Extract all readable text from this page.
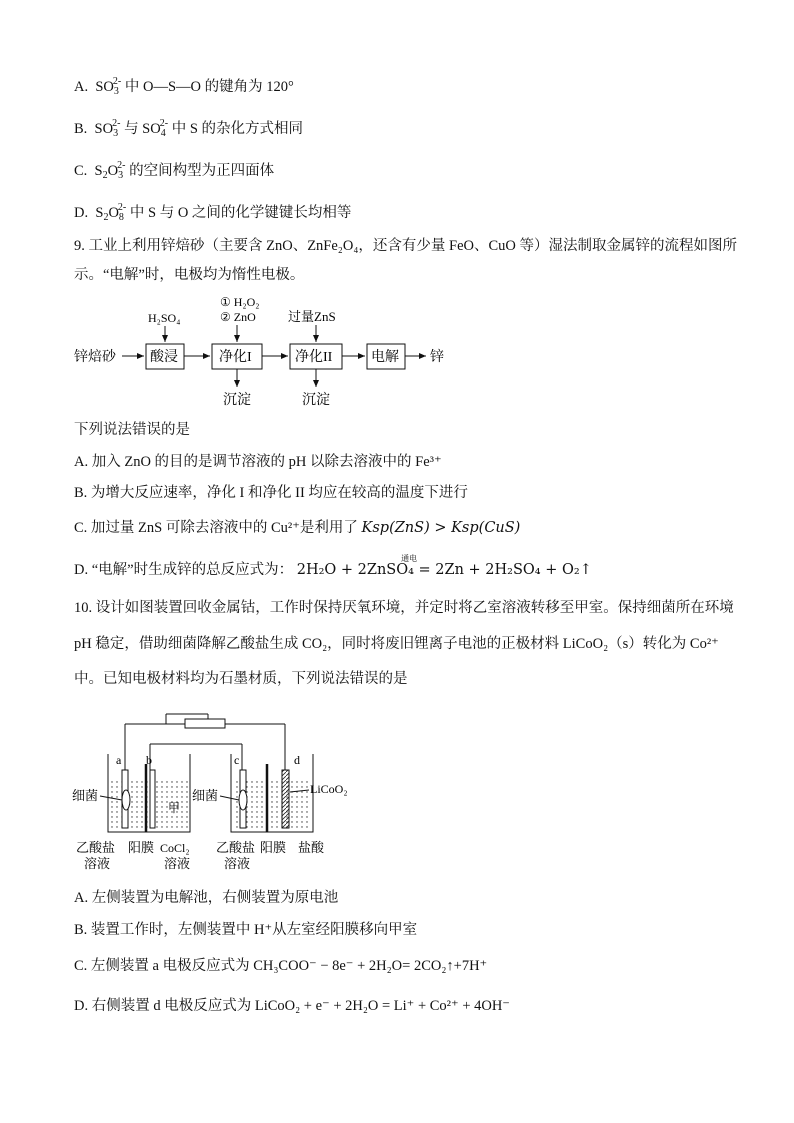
A. $SO_3^{2-}$ 中 O—S—O 的键角为 120°
B. $SO_3^{2-}$ 与 $SO_4^{2-}$ 中 S 的杂化方式相同
C. $S_2O_3^{2-}$ 的空间构型为正四面体
D. $S_2O_8^{2-}$ 中 S 与 O 之间的化学键键长均相等
9. 工业上利用锌焙砂（主要含 ZnO、ZnFe₂O₄，还含有少量 FeO、CuO 等）湿法制取金属锌的流程如图所
示。“电解”时，电极均为惰性电极。
锌焙砂 酸浸	净化I	净化II	电解 锌
H₂SO₄
① H₂O₂
② ZnO 过量ZnS
沉淀	沉淀
下列说法错误的是
A. 加入 ZnO 的目的是调节溶液的 pH 以除去溶液中的 Fe³⁺
B. 为增大反应速率，净化 I 和净化 II 均应在较高的温度下进行
C. 加过量 ZnS 可除去溶液中的 Cu²⁺是利用了 Ksp(ZnS) > Ksp(CuS)
D. “电解”时生成锌的总反应式为： 2H₂O + 2ZnSO₄ = 2Zn + 2H₂SO₄ + O₂↑
通电
10. 设计如图装置回收金属钴，工作时保持厌氧环境，并定时将乙室溶液转移至甲室。保持细菌所在环境
pH 稳定，借助细菌降解乙酸盐生成 CO₂，同时将废旧锂离子电池的正极材料 LiCoO₂（s）转化为 Co²⁺
中。已知电极材料均为石墨材质，下列说法错误的是
a b
甲
c	d
细菌	细菌	LiCoO₂
乙酸盐
溶液
阳膜 CoCl₂
溶液
乙酸盐
溶液
阳膜 盐酸
A. 左侧装置为电解池，右侧装置为原电池
B. 装置工作时，左侧装置中 H⁺从左室经阳膜移向甲室
C. 左侧装置 a 电极反应式为 CH₃COO⁻ − 8e⁻ + 2H₂O= 2CO₂↑+7H⁺
D. 右侧装置 d 电极反应式为 LiCoO₂ + e⁻ + 2H₂O = Li⁺ + Co²⁺ + 4OH⁻
